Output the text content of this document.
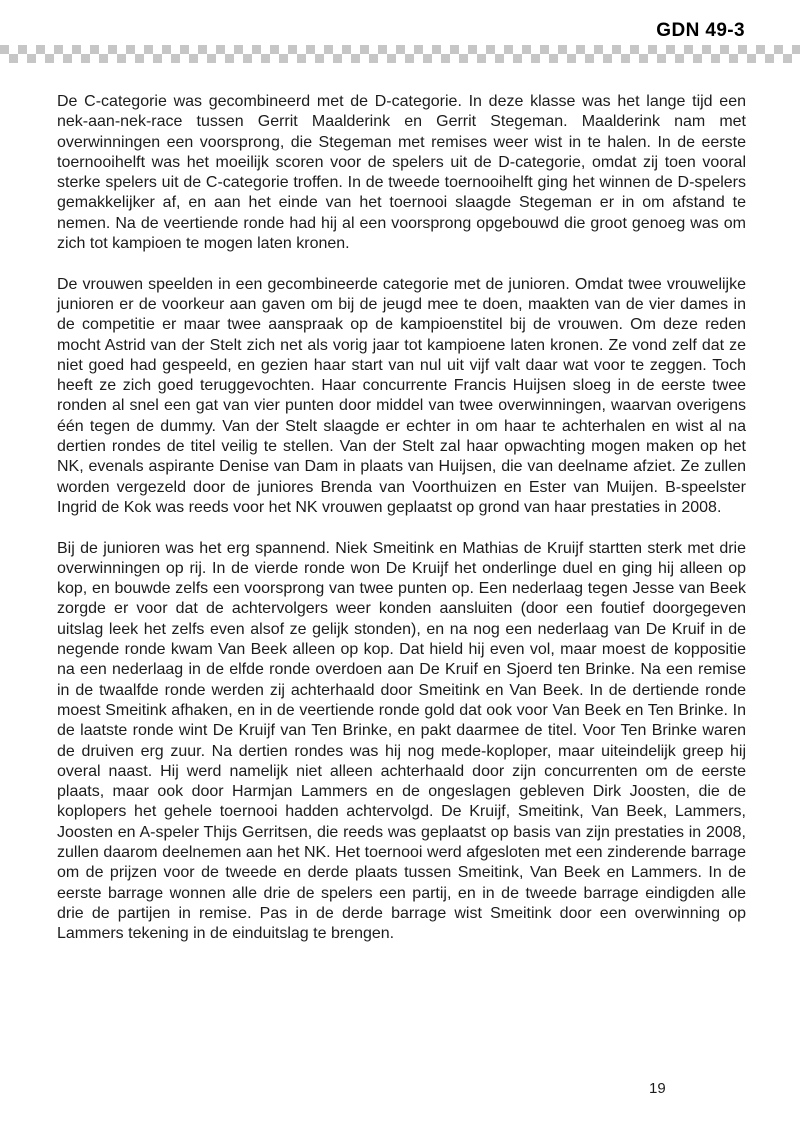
GDN 49-3

De C-categorie was gecombineerd met de D-categorie. In deze klasse was het lange tijd een nek-aan-nek-race tussen Gerrit Maalderink en Gerrit Stegeman. Maalderink nam met overwinningen een voorsprong, die Stegeman met remises weer wist in te halen. In de eerste toernooihelft was het moeilijk scoren voor de spelers uit de D-categorie, omdat zij toen vooral sterke spelers uit de C-categorie troffen. In de tweede toernooihelft ging het winnen de D-spelers gemakkelijker af, en aan het einde van het toernooi slaagde Stegeman er in om afstand te nemen. Na de veertiende ronde had hij al een voorsprong opgebouwd die groot genoeg was om zich tot kampioen te mogen laten kronen.

De vrouwen speelden in een gecombineerde categorie met de junioren. Omdat twee vrouwelijke junioren er de voorkeur aan gaven om bij de jeugd mee te doen, maakten van de vier dames in de competitie er maar twee aanspraak op de kampioenstitel bij de vrouwen. Om deze reden mocht Astrid van der Stelt zich net als vorig jaar tot kampioene laten kronen. Ze vond zelf dat ze niet goed had gespeeld, en gezien haar start van nul uit vijf valt daar wat voor te zeggen. Toch heeft ze zich goed teruggevochten. Haar concurrente Francis Huijsen sloeg in de eerste twee ronden al snel een gat van vier punten door middel van twee overwinningen, waarvan overigens één tegen de dummy. Van der Stelt slaagde er echter in om haar te achterhalen en wist al na dertien rondes de titel veilig te stellen. Van der Stelt zal haar opwachting mogen maken op het NK, evenals aspirante Denise van Dam in plaats van Huijsen, die van deelname afziet. Ze zullen worden vergezeld door de juniores Brenda van Voorthuizen en Ester van Muijen. B-speelster Ingrid de Kok was reeds voor het NK vrouwen geplaatst op grond van haar prestaties in 2008.

Bij de junioren was het erg spannend. Niek Smeitink en Mathias de Kruijf startten sterk met drie overwinningen op rij. In de vierde ronde won De Kruijf het onderlinge duel en ging hij alleen op kop, en bouwde zelfs een voorsprong van twee punten op. Een nederlaag tegen Jesse van Beek zorgde er voor dat de achtervolgers weer konden aansluiten (door een foutief doorgegeven uitslag leek het zelfs even alsof ze gelijk stonden), en na nog een nederlaag van De Kruif in de negende ronde kwam Van Beek alleen op kop. Dat hield hij even vol, maar moest de koppositie na een nederlaag in de elfde ronde overdoen aan De Kruif en Sjoerd ten Brinke. Na een remise in de twaalfde ronde werden zij achterhaald door Smeitink en Van Beek. In de dertiende ronde moest Smeitink afhaken, en in de veertiende ronde gold dat ook voor Van Beek en Ten Brinke. In de laatste ronde wint De Kruijf van Ten Brinke, en pakt daarmee de titel. Voor Ten Brinke waren de druiven erg zuur. Na dertien rondes was hij nog mede-koploper, maar uiteindelijk greep hij overal naast. Hij werd namelijk niet alleen achterhaald door zijn concurrenten om de eerste plaats, maar ook door Harmjan Lammers en de ongeslagen gebleven Dirk Joosten, die de koplopers het gehele toernooi hadden achtervolgd. De Kruijf, Smeitink, Van Beek, Lammers, Joosten en A-speler Thijs Gerritsen, die reeds was geplaatst op basis van zijn prestaties in 2008, zullen daarom deelnemen aan het NK. Het toernooi werd afgesloten met een zinderende barrage om de prijzen voor de tweede en derde plaats tussen Smeitink, Van Beek en Lammers. In de eerste barrage wonnen alle drie de spelers een partij, en in de tweede barrage eindigden alle drie de partijen in remise. Pas in de derde barrage wist Smeitink door een overwinning op Lammers tekening in de einduitslag te brengen.

19
